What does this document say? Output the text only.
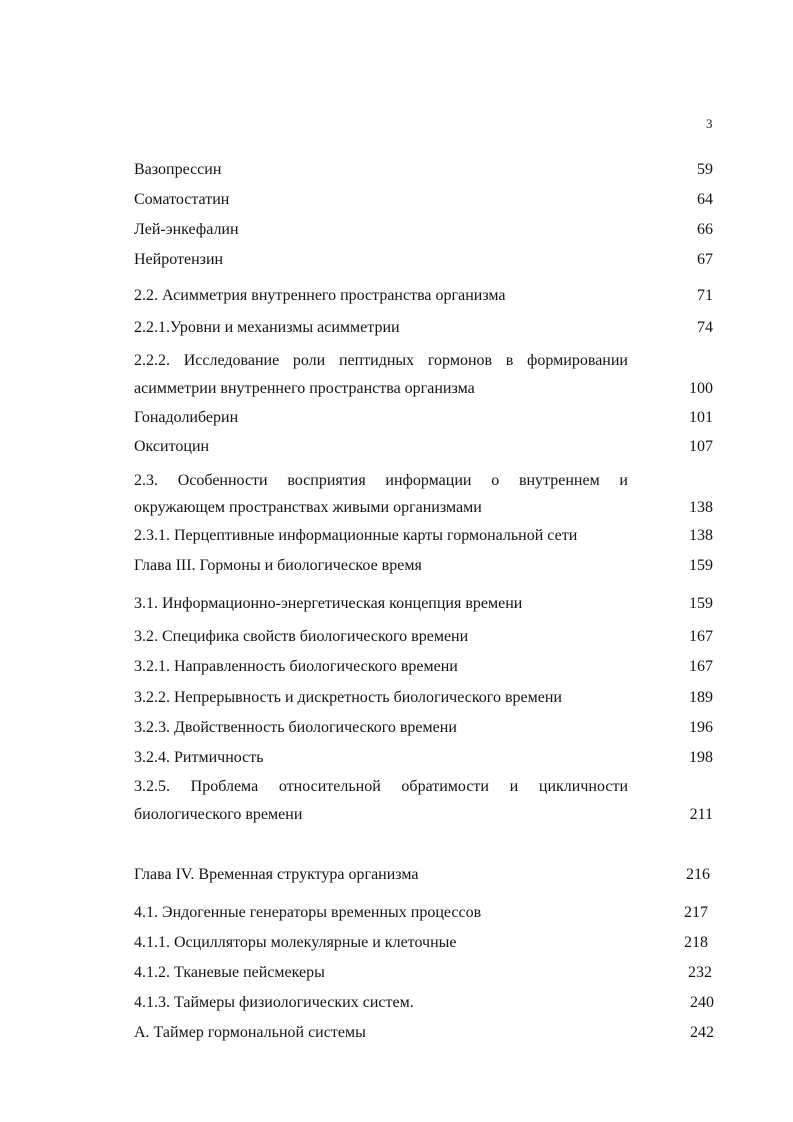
3
Вазопрессин	59
Соматостатин	64
Лей-энкефалин	66
Нейротензин	67
2.2. Асимметрия внутреннего пространства организма	71
2.2.1.Уровни и механизмы асимметрии	74
2.2.2. Исследование роли пептидных гормонов в формировании
асимметрии внутреннего пространства организма	100
Гонадолиберин	101
Окситоцин	107
2.3. Особенности восприятия информации о внутреннем и
окружающем пространствах живыми организмами	138
2.3.1. Перцептивные информационные карты гормональной сети	138
Глава III. Гормоны и биологическое время	159
3.1. Информационно-энергетическая концепция времени	159
3.2. Специфика свойств биологического времени	167
3.2.1. Направленность биологического времени	167
3.2.2. Непрерывность и дискретность биологического времени	189
3.2.3. Двойственность биологического времени	196
3.2.4. Ритмичность	198
3.2.5. Проблема относительной обратимости и цикличности
биологического времени	211
Глава IV. Временная структура организма	216
4.1. Эндогенные генераторы временных процессов	217
4.1.1. Осцилляторы молекулярные и клеточные	218
4.1.2. Тканевые пейсмекеры	232
4.1.3. Таймеры физиологических систем.	240
А. Таймер гормональной системы	242
